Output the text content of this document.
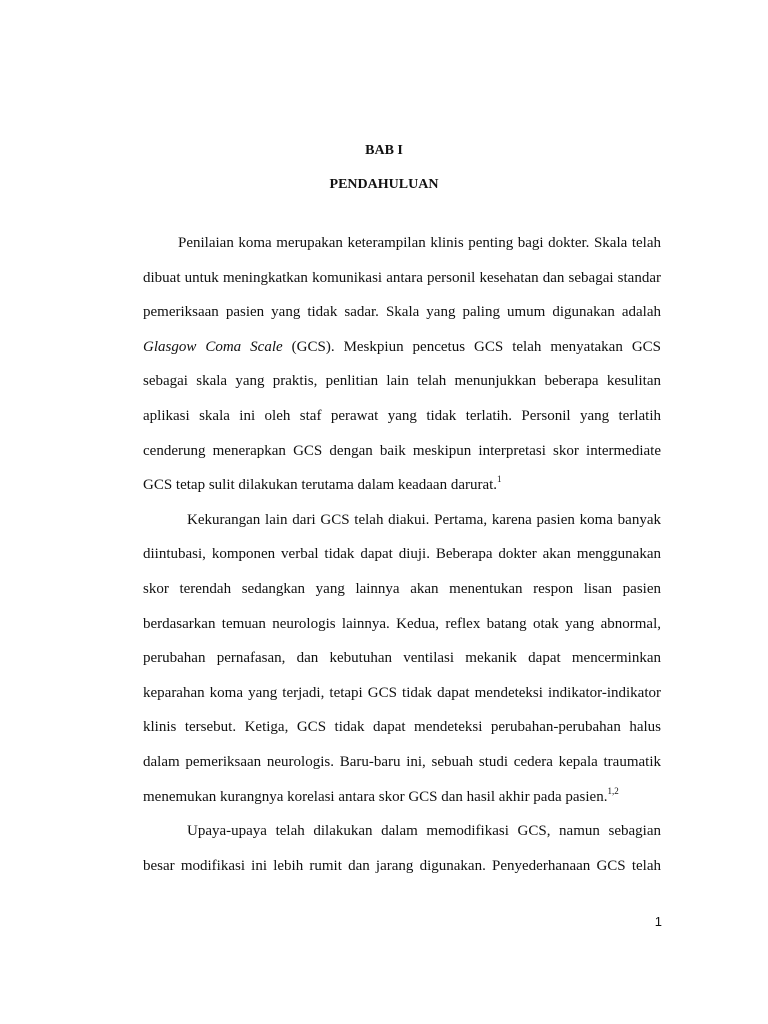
BAB I

PENDAHULUAN

Penilaian koma merupakan keterampilan klinis penting bagi dokter. Skala telah
dibuat untuk meningkatkan komunikasi antara personil kesehatan dan sebagai standar
pemeriksaan pasien yang tidak sadar. Skala yang paling umum digunakan adalah
Glasgow Coma Scale (GCS). Meskpiun pencetus GCS telah menyatakan GCS
sebagai skala yang praktis, penlitian lain telah menunjukkan beberapa kesulitan
aplikasi skala ini oleh staf perawat yang tidak terlatih. Personil yang terlatih
cenderung menerapkan GCS dengan baik meskipun interpretasi skor intermediate
GCS tetap sulit dilakukan terutama dalam keadaan darurat.$^1$
Kekurangan lain dari GCS telah diakui. Pertama, karena pasien koma banyak
diintubasi, komponen verbal tidak dapat diuji. Beberapa dokter akan menggunakan
skor terendah sedangkan yang lainnya akan menentukan respon lisan pasien
berdasarkan temuan neurologis lainnya. Kedua, reflex batang otak yang abnormal,
perubahan pernafasan, dan kebutuhan ventilasi mekanik dapat mencerminkan
keparahan koma yang terjadi, tetapi GCS tidak dapat mendeteksi indikator-indikator
klinis tersebut. Ketiga, GCS tidak dapat mendeteksi perubahan-perubahan halus
dalam pemeriksaan neurologis. Baru-baru ini, sebuah studi cedera kepala traumatik
menemukan kurangnya korelasi antara skor GCS dan hasil akhir pada pasien.$^{1,2}$
Upaya-upaya telah dilakukan dalam memodifikasi GCS, namun sebagian
besar modifikasi ini lebih rumit dan jarang digunakan. Penyederhanaan GCS telah
1
